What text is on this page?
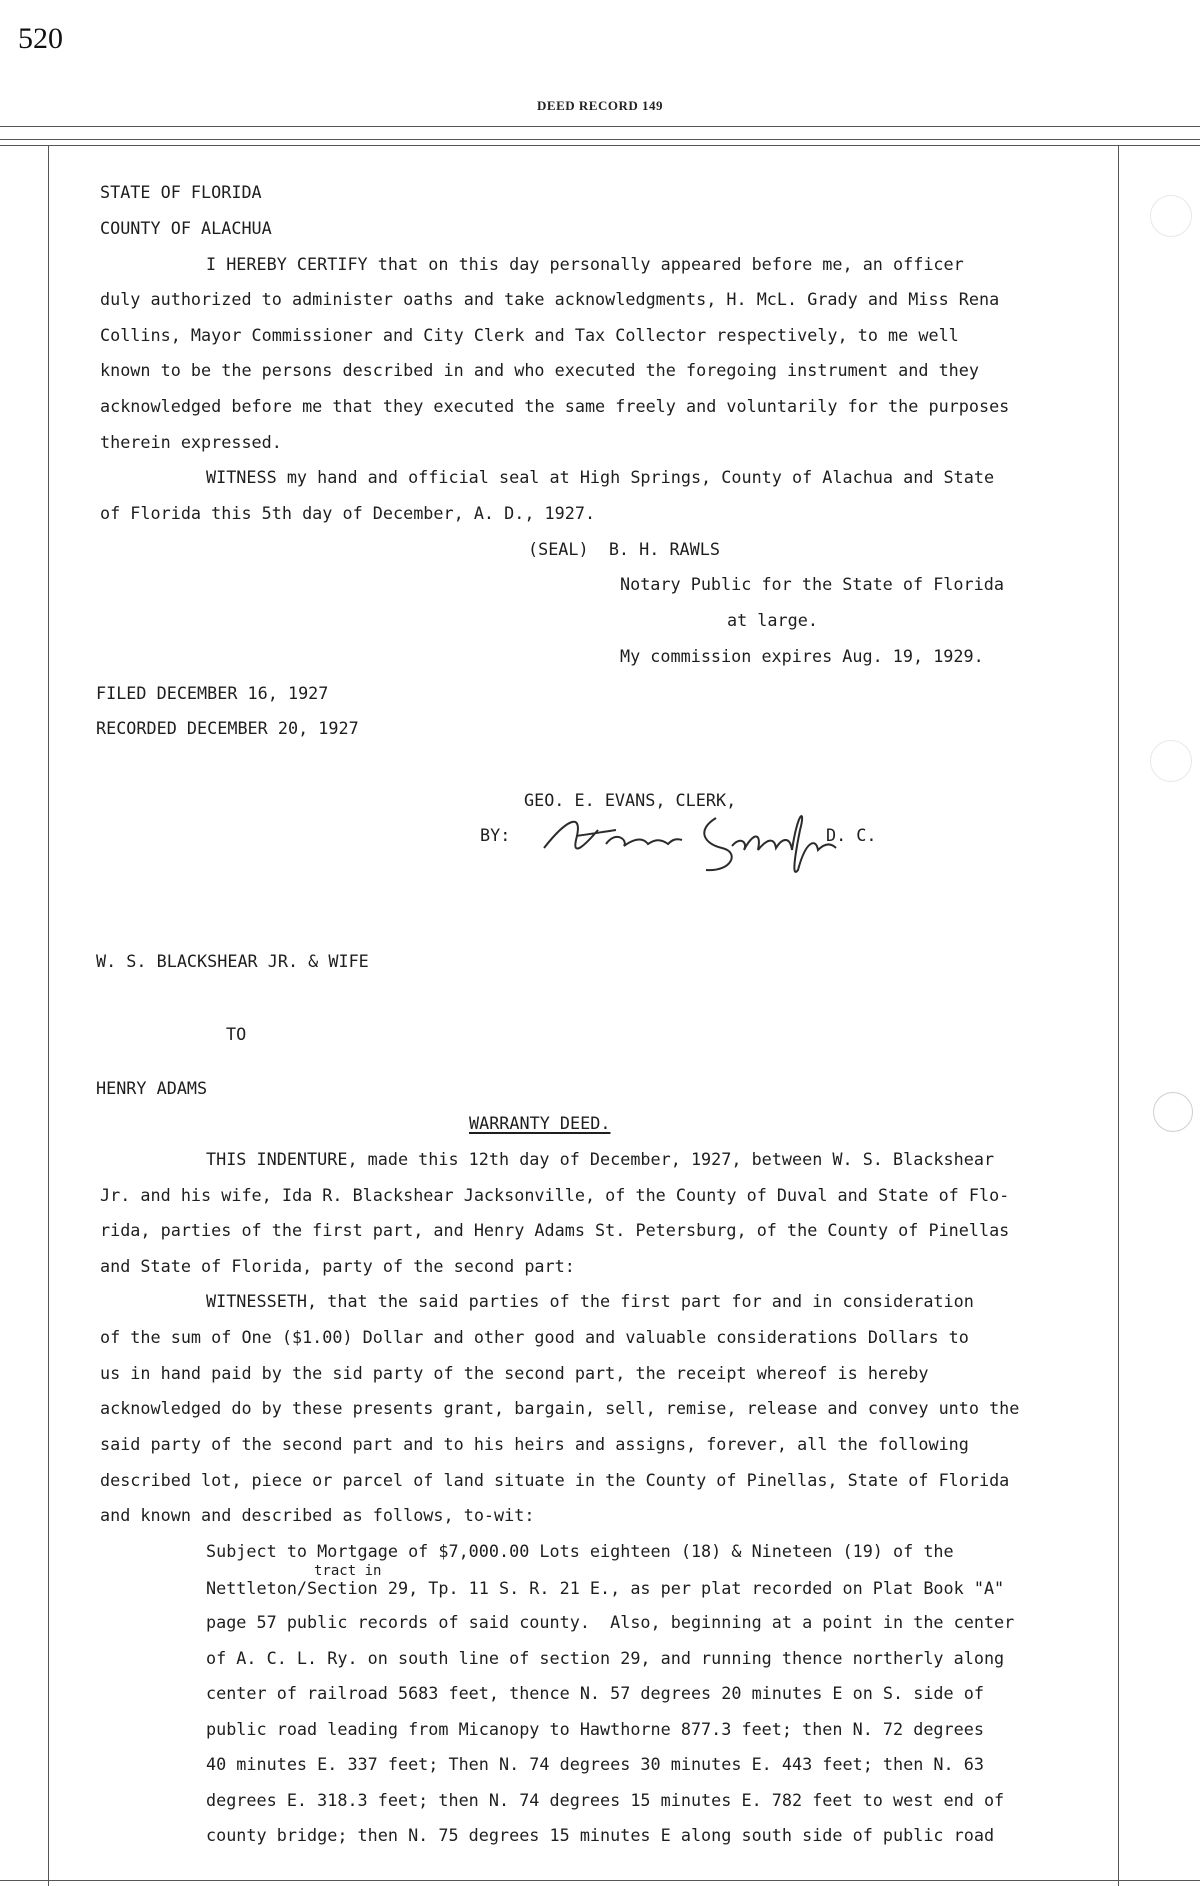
520
DEED RECORD 149
STATE OF FLORIDA
COUNTY OF ALACHUA
I HEREBY CERTIFY that on this day personally appeared before me, an officer
duly authorized to administer oaths and take acknowledgments, H. McL. Grady and Miss Rena
Collins, Mayor Commissioner and City Clerk and Tax Collector respectively, to me well
known to be the persons described in and who executed the foregoing instrument and they
acknowledged before me that they executed the same freely and voluntarily for the purposes
therein expressed.
WITNESS my hand and official seal at High Springs, County of Alachua and State
of Florida this 5th day of December, A. D., 1927.
(SEAL)  B. H. RAWLS
Notary Public for the State of Florida
at large.
My commission expires Aug. 19, 1929.
FILED DECEMBER 16, 1927
RECORDED DECEMBER 20, 1927
GEO. E. EVANS, CLERK,
BY:	D. C.
W. S. BLACKSHEAR JR. & WIFE
TO
HENRY ADAMS
WARRANTY DEED.
THIS INDENTURE, made this 12th day of December, 1927, between W. S. Blackshear
Jr. and his wife, Ida R. Blackshear Jacksonville, of the County of Duval and State of Flo-
rida, parties of the first part, and Henry Adams St. Petersburg, of the County of Pinellas
and State of Florida, party of the second part:
WITNESSETH, that the said parties of the first part for and in consideration
of the sum of One ($1.00) Dollar and other good and valuable considerations Dollars to
us in hand paid by the sid party of the second part, the receipt whereof is hereby
acknowledged do by these presents grant, bargain, sell, remise, release and convey unto the
said party of the second part and to his heirs and assigns, forever, all the following
described lot, piece or parcel of land situate in the County of Pinellas, State of Florida
and known and described as follows, to-wit:
Subject to Mortgage of $7,000.00 Lots eighteen (18) & Nineteen (19) of the
tract in
Nettleton/Section 29, Tp. 11 S. R. 21 E., as per plat recorded on Plat Book "A"
page 57 public records of said county.  Also, beginning at a point in the center
of A. C. L. Ry. on south line of section 29, and running thence northerly along
center of railroad 5683 feet, thence N. 57 degrees 20 minutes E on S. side of
public road leading from Micanopy to Hawthorne 877.3 feet; then N. 72 degrees
40 minutes E. 337 feet; Then N. 74 degrees 30 minutes E. 443 feet; then N. 63
degrees E. 318.3 feet; then N. 74 degrees 15 minutes E. 782 feet to west end of
county bridge; then N. 75 degrees 15 minutes E along south side of public road
